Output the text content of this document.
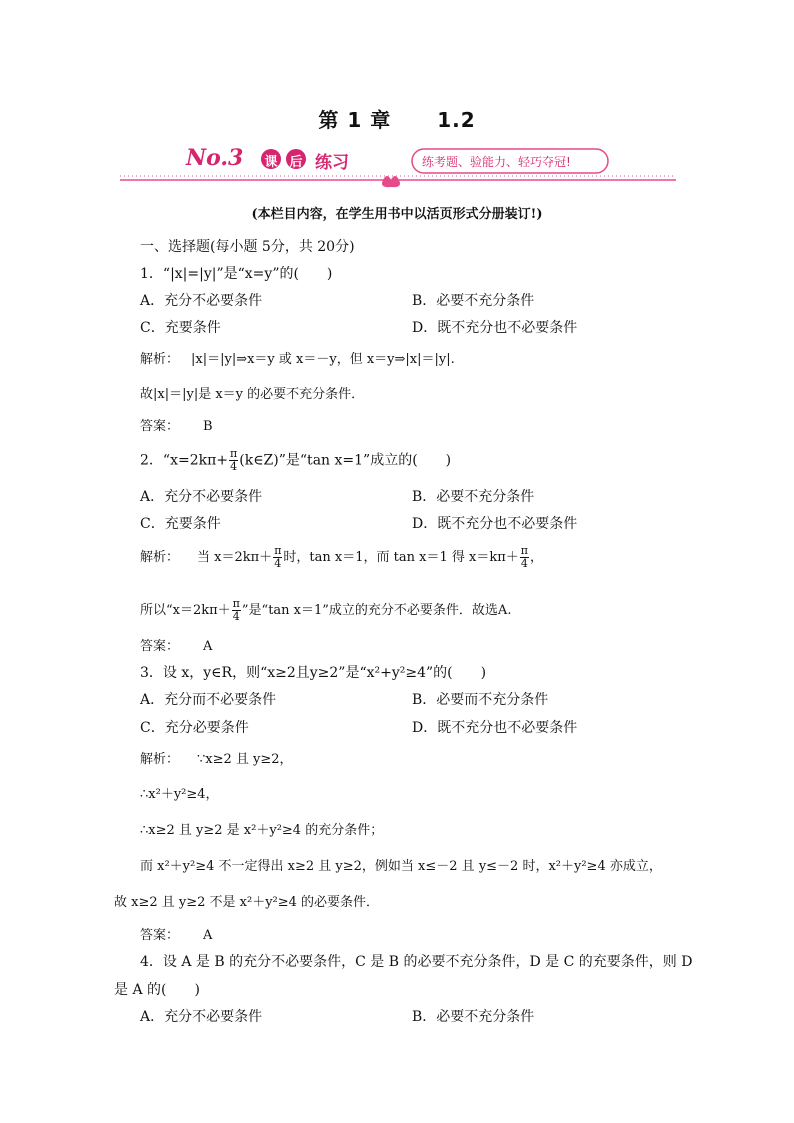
第 1 章 1.2
No.3 课 后 练习	练考题、验能力、轻巧夺冠!
(本栏目内容，在学生用书中以活页形式分册装订!)
一、选择题(每小题 5分，共 20分)
1．“|x|=|y|”是“x=y”的(　　)
A．充分不必要条件	B．必要不充分条件
C．充要条件	D．既不充分也不必要条件
解析： |x|＝|y|⇒x＝y 或 x＝－y，但 x＝y⇒|x|＝|y|.
故|x|＝|y|是 x＝y 的必要不充分条件．
答案： B
2．“$x=2k\pi+ \frac{\pi}{4}$ (k∈Z)”是“tan x=1”成立的(　　)
A．充分不必要条件	B．必要不充分条件
C．充要条件	D．既不充分也不必要条件
解析： 当 $x=2k\pi+ \frac{\pi}{4}$ 时，tan x＝1，而 tan x＝1 得 $x=k\pi+ \frac{\pi}{4}$ ，
所以“$x=2k\pi+ \frac{\pi}{4}$ ”是“tan x＝1”成立的充分不必要条件．故选A.
答案： A
3．设 x，y∈R，则“x≥2且y≥2”是“x²+y²≥4”的(　　)
A．充分而不必要条件	B．必要而不充分条件
C．充分必要条件	D．既不充分也不必要条件
解析： ∵x≥2 且 y≥2，
∴x²＋y²≥4，
∴x≥2 且 y≥2 是 x²＋y²≥4 的充分条件；
而 x²＋y²≥4 不一定得出 x≥2 且 y≥2，例如当 x≤－2 且 y≤－2 时，x²＋y²≥4 亦成立，
故 x≥2 且 y≥2 不是 x²＋y²≥4 的必要条件．
答案： A
4．设 A 是 B 的充分不必要条件，C 是 B 的必要不充分条件，D 是 C 的充要条件，则 D
是 A 的(　　)
A．充分不必要条件	B．必要不充分条件
